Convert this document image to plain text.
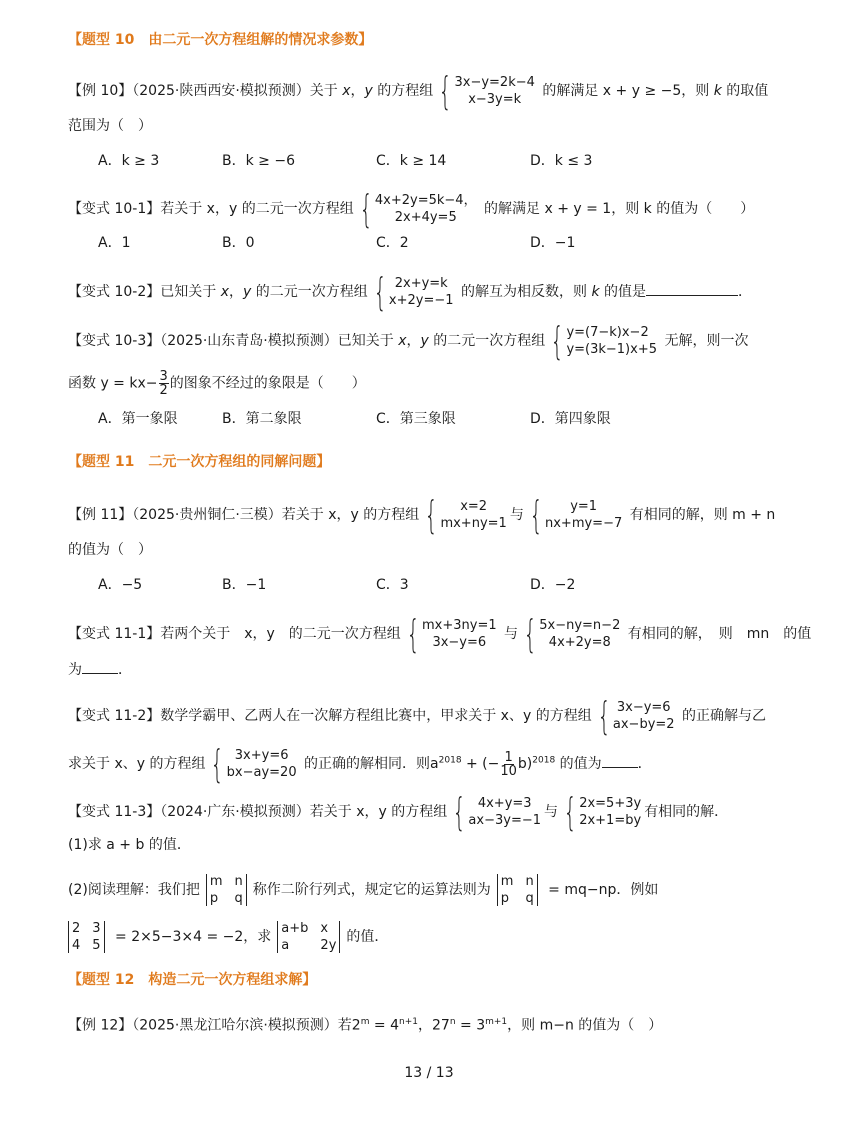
【题型 10　由二元一次方程组解的情况求参数】
【例 10】（2025·陕西西安·模拟预测）关于 x，y 的方程组 { 3x−y=2k−4
x−3y=k
的解满足 x + y ≥ −5，则 k 的取值
范围为（　）
A．k ≥ 3	B．k ≥ −6	C．k ≥ 14	D．k ≤ 3
【变式 10-1】若关于 x，y 的二元一次方程组 { 4x+2y=5k−4，
2x+4y=5
的解满足 x + y = 1，则 k 的值为（　　）
A．1	B．0	C．2	D．−1
【变式 10-2】已知关于 x，y 的二元一次方程组 { 2x+y=k
x+2y=−1
的解互为相反数，则 k 的值是	．
【变式 10-3】（2025·山东青岛·模拟预测）已知关于 x，y 的二元一次方程组 { y=(7−k)x−2
y=(3k−1)x+5
无解，则一次
函数 $y = kx- \frac{3}{2}$ 的图象不经过的象限是（　　）
A．第一象限	B．第二象限	C．第三象限	D．第四象限
【题型 11　二元一次方程组的同解问题】
【例 11】（2025·贵州铜仁·三模）若关于 x，y 的方程组 { x=2
mx+ny=1
与 { y=1
nx+my=−7
有相同的解，则 m + n
的值为（　）
A．−5	B．−1	C．3	D．−2
【变式 11-1】若两个关于　x，y　的二元一次方程组 { mx+3ny=1
3x−y=6
与 { 5x−ny=n−2
4x+2y=8
有相同的解，　则　mn　的值
为	．
【变式 11-2】数学学霸甲、乙两人在一次解方程组比赛中，甲求关于 x、y 的方程组 { 3x−y=6
ax−by=2
的正确解与乙
求关于 x、y 的方程组 { 3x+y=6
bx−ay=20
的正确的解相同．则$a^{2018}$ + (− $\frac{1}{10} b)^{2018}$ 的值为	．
【变式 11-3】（2024·广东·模拟预测）若关于 x，y 的方程组 { 4x+y=3
ax−3y=−1
与 { 2x=5+3y
2x+1=by
有相同的解．
(1)求 a + b 的值．
(2)阅读理解：我们把
m n
p	q
称作二阶行列式，规定它的运算法则为
m n
p	q
= mq−np．例如
2 3
4 5
= 2×5−3×4 = −2，求
a+b x
a	2y
的值．
【题型 12　构造二元一次方程组求解】
【例 12】（2025·黑龙江哈尔滨·模拟预测）若$2^m = 4^{n+1}$，$27^n = 3^{m+1}$，则 m−n 的值为（　）
13 / 13
